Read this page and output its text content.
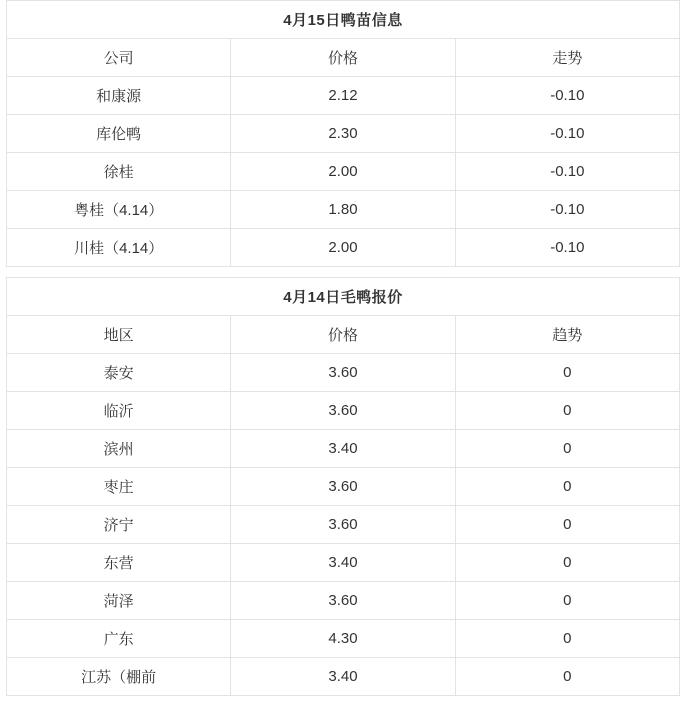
4月15日鸭苗信息		
公司	价格	走势
和康源	2.12	-0.10
库伦鸭	2.30	-0.10
徐桂	2.00	-0.10
粤桂（4.14）	1.80	-0.10
川桂（4.14）	2.00	-0.10
4月14日毛鸭报价		
地区	价格	趋势
泰安	3.60	0
临沂	3.60	0
滨州	3.40	0
枣庄	3.60	0
济宁	3.60	0
东营	3.40	0
菏泽	3.60	0
广东	4.30	0
江苏（棚前	3.40	0
